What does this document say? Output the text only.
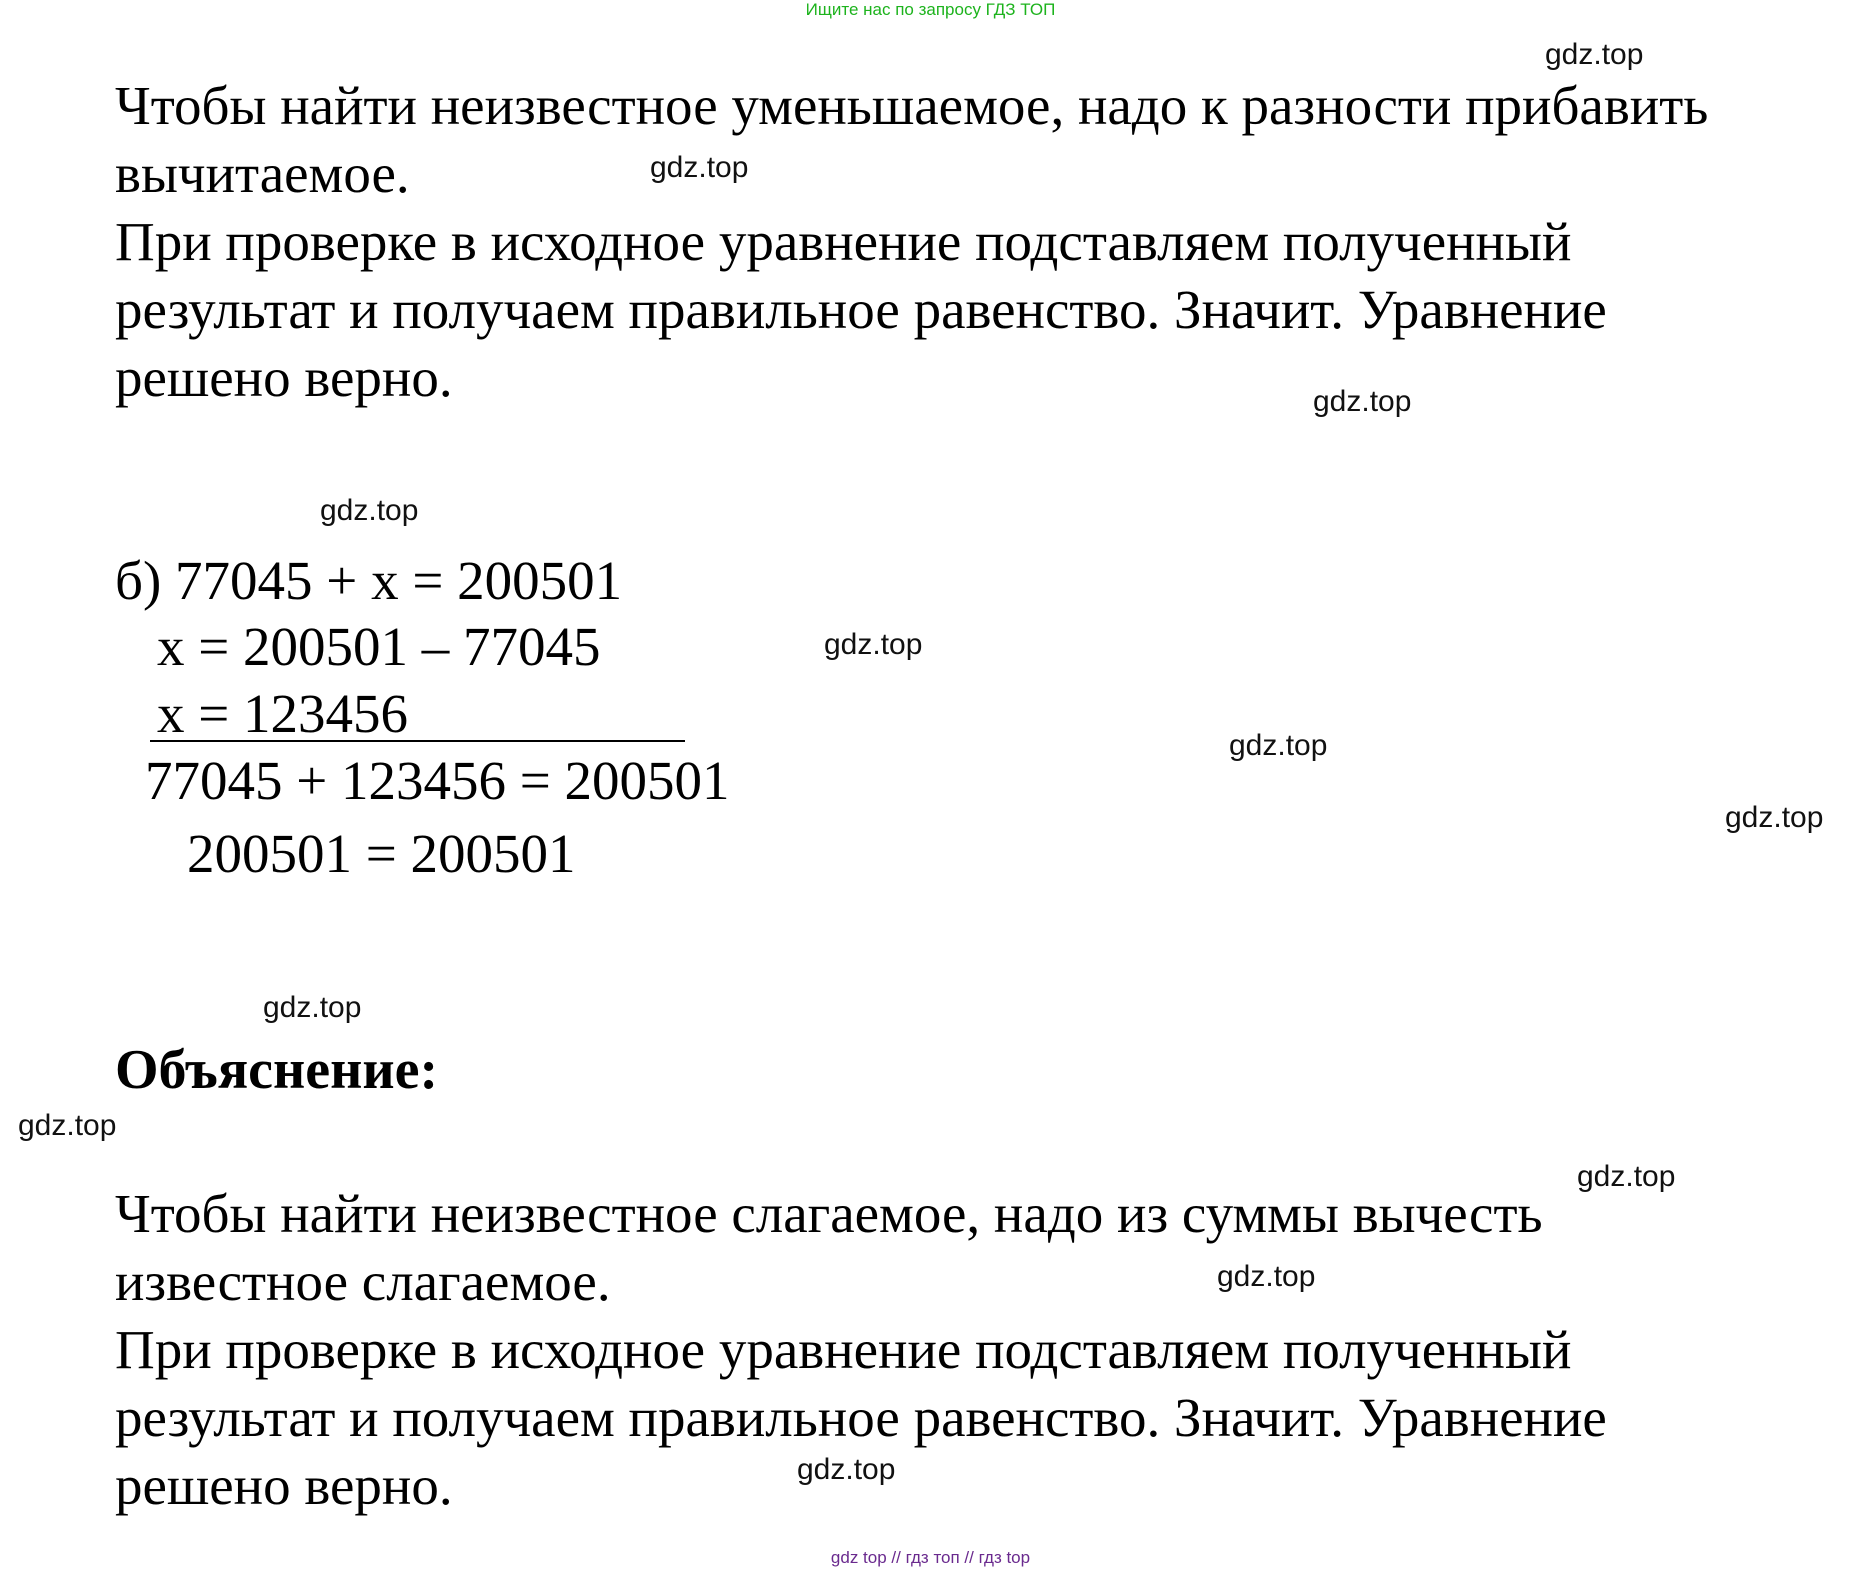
Ищите нас по запросу ГДЗ ТОП
gdz.top
gdz.top
gdz.top
gdz.top
gdz.top
gdz.top
gdz.top
gdz.top
gdz.top
gdz.top
gdz.top
gdz.top
Чтобы найти неизвестное уменьшаемое, надо к разности прибавить
вычитаемое.
При проверке в исходное уравнение подставляем полученный
результат и получаем правильное равенство. Значит. Уравнение
решено верно.
б) 77045 + x = 200501
x = 200501 – 77045
x = 123456
77045 + 123456 = 200501
200501 = 200501
Объяснение:
Чтобы найти неизвестное слагаемое, надо из суммы вычесть
известное слагаемое.
При проверке в исходное уравнение подставляем полученный
результат и получаем правильное равенство. Значит. Уравнение
решено верно.
gdz top // гдз топ // гдз top
